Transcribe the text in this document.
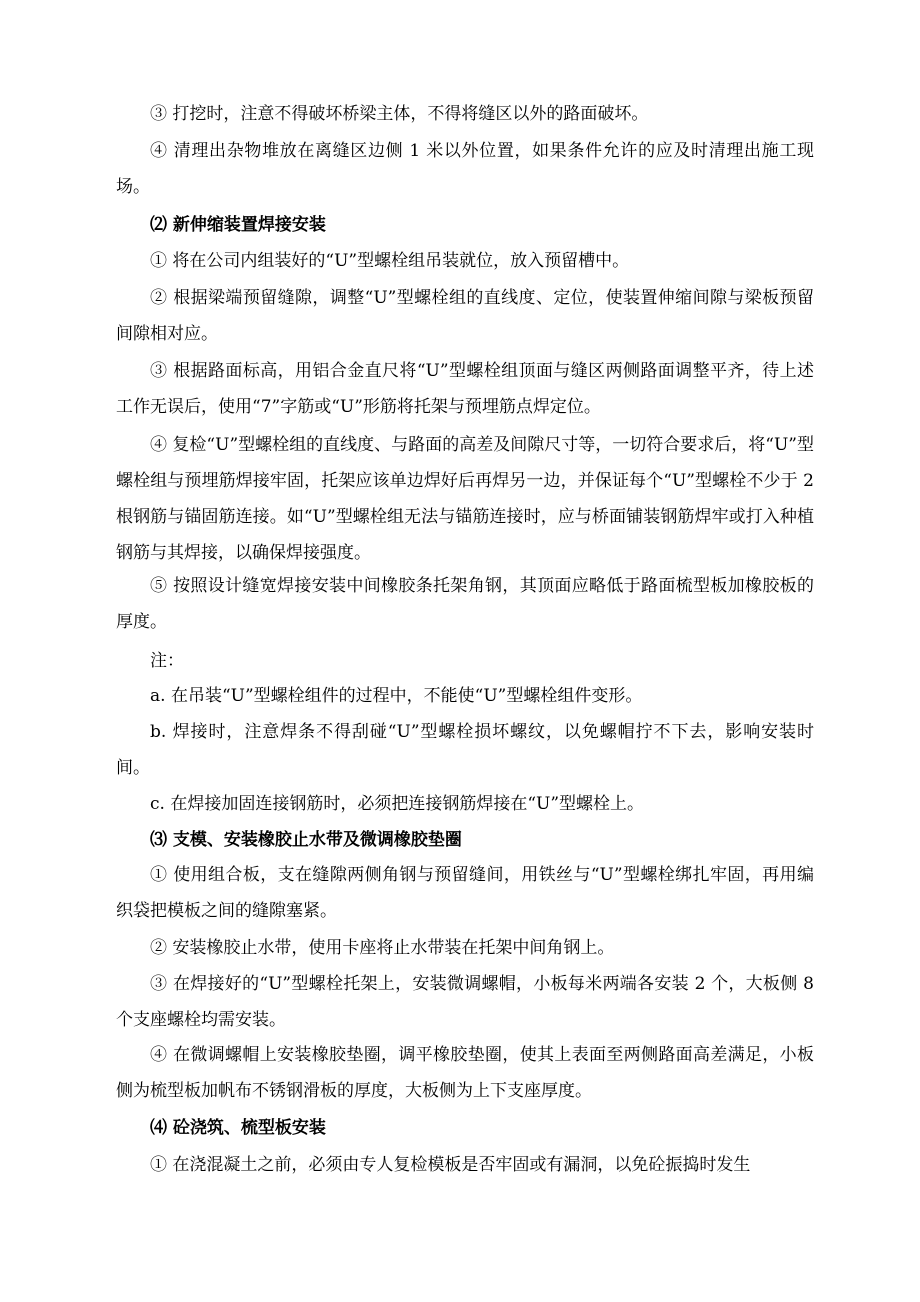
③ 打挖时，注意不得破坏桥梁主体，不得将缝区以外的路面破坏。

④ 清理出杂物堆放在离缝区边侧 1 米以外位置，如果条件允许的应及时清理出施工现场。

⑵ 新伸缩装置焊接安装

① 将在公司内组装好的“U”型螺栓组吊装就位，放入预留槽中。

② 根据梁端预留缝隙，调整“U”型螺栓组的直线度、定位，使装置伸缩间隙与梁板预留间隙相对应。

③ 根据路面标高，用铝合金直尺将“U”型螺栓组顶面与缝区两侧路面调整平齐，待上述工作无误后，使用“7”字筋或“U”形筋将托架与预埋筋点焊定位。

④ 复检“U”型螺栓组的直线度、与路面的高差及间隙尺寸等，一切符合要求后，将“U”型螺栓组与预埋筋焊接牢固，托架应该单边焊好后再焊另一边，并保证每个“U”型螺栓不少于 2 根钢筋与锚固筋连接。如“U”型螺栓组无法与锚筋连接时，应与桥面铺装钢筋焊牢或打入种植钢筋与其焊接，以确保焊接强度。

⑤ 按照设计缝宽焊接安装中间橡胶条托架角钢，其顶面应略低于路面梳型板加橡胶板的厚度。

注：

a. 在吊装“U”型螺栓组件的过程中，不能使“U”型螺栓组件变形。

b. 焊接时，注意焊条不得刮碰“U”型螺栓损坏螺纹，以免螺帽拧不下去，影响安装时间。

c. 在焊接加固连接钢筋时，必须把连接钢筋焊接在“U”型螺栓上。

⑶ 支模、安装橡胶止水带及微调橡胶垫圈

① 使用组合板，支在缝隙两侧角钢与预留缝间，用铁丝与“U”型螺栓绑扎牢固，再用编织袋把模板之间的缝隙塞紧。

② 安装橡胶止水带，使用卡座将止水带装在托架中间角钢上。

③ 在焊接好的“U”型螺栓托架上，安装微调螺帽，小板每米两端各安装 2 个，大板侧 8 个支座螺栓均需安装。

④ 在微调螺帽上安装橡胶垫圈，调平橡胶垫圈，使其上表面至两侧路面高差满足，小板侧为梳型板加帆布不锈钢滑板的厚度，大板侧为上下支座厚度。

⑷ 砼浇筑、梳型板安装

① 在浇混凝土之前，必须由专人复检模板是否牢固或有漏洞，以免砼振捣时发生
